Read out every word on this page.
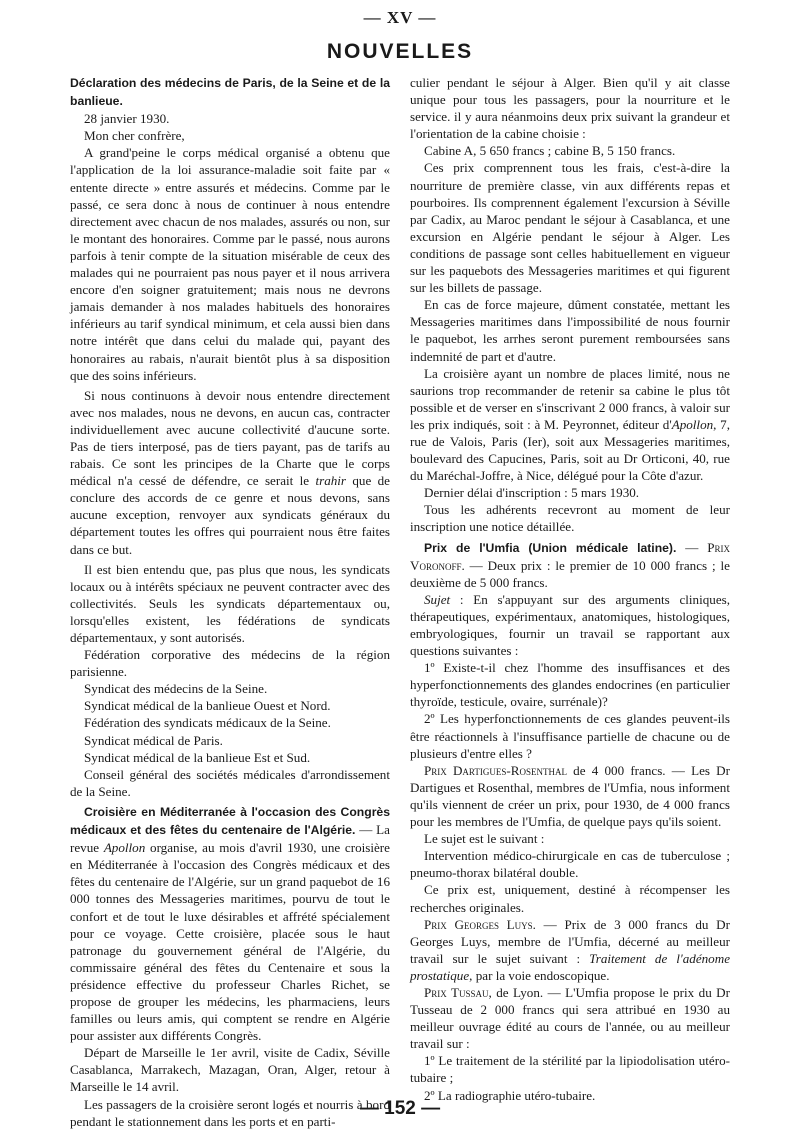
— XV —
NOUVELLES

Déclaration des médecins de Paris, de la Seine et de la banlieue.

28 janvier 1930.

Mon cher confrère,

A grand'peine le corps médical organisé a obtenu que l'application de la loi assurance-maladie soit faite par « entente directe » entre assurés et médecins. Comme par le passé, ce sera donc à nous de continuer à nous entendre directement avec chacun de nos malades, assurés ou non, sur le montant des honoraires. Comme par le passé, nous aurons parfois à tenir compte de la situation misérable de ceux des malades qui ne pourraient pas nous payer et il nous arrivera encore d'en soigner gratuitement; mais nous ne devrons jamais demander à nos malades habituels des honoraires inférieurs au tarif syndical minimum, et cela aussi bien dans notre intérêt que dans celui du malade qui, payant des honoraires au rabais, n'aurait bientôt plus à sa disposition que des soins inférieurs.

Si nous continuons à devoir nous entendre directement avec nos malades, nous ne devons, en aucun cas, contracter individuellement avec aucune collectivité d'aucune sorte. Pas de tiers interposé, pas de tiers payant, pas de tarifs au rabais. Ce sont les principes de la Charte que le corps médical n'a cessé de défendre, ce serait le trahir que de conclure des accords de ce genre et nous devons, sans aucune exception, renvoyer aux syndicats généraux du département toutes les offres qui pourraient nous être faites dans ce but.

Il est bien entendu que, pas plus que nous, les syndicats locaux ou à intérêts spéciaux ne peuvent contracter avec des collectivités. Seuls les syndicats départementaux ou, lorsqu'elles existent, les fédérations de syndicats départementaux, y sont autorisés.

Fédération corporative des médecins de la région parisienne.

Syndicat des médecins de la Seine.

Syndicat médical de la banlieue Ouest et Nord.

Fédération des syndicats médicaux de la Seine.

Syndicat médical de Paris.

Syndicat médical de la banlieue Est et Sud.

Conseil général des sociétés médicales d'arrondissement de la Seine.

Croisière en Méditerranée à l'occasion des Congrès médicaux et des fêtes du centenaire de l'Algérie. — La revue Apollon organise, au mois d'avril 1930, une croisière en Méditerranée à l'occasion des Congrès médicaux et des fêtes du centenaire de l'Algérie, sur un grand paquebot de 16 000 tonnes des Messageries maritimes, pourvu de tout le confort et de tout le luxe désirables et affrété spécialement pour ce voyage. Cette croisière, placée sous le haut patronage du gouvernement général de l'Algérie, du commissaire général des fêtes du Centenaire et sous la présidence effective du professeur Charles Richet, se propose de grouper les médecins, les pharmaciens, leurs familles ou leurs amis, qui comptent se rendre en Algérie pour assister aux différents Congrès.

Départ de Marseille le 1er avril, visite de Cadix, Séville Casablanca, Marrakech, Mazagan, Oran, Alger, retour à Marseille le 14 avril.

Les passagers de la croisière seront logés et nourris à bord pendant le stationnement dans les ports et en parti-

culier pendant le séjour à Alger. Bien qu'il y ait classe unique pour tous les passagers, pour la nourriture et le service. il y aura néanmoins deux prix suivant la grandeur et l'orientation de la cabine choisie :

Cabine A, 5 650 francs ; cabine B, 5 150 francs.

Ces prix comprennent tous les frais, c'est-à-dire la nourriture de première classe, vin aux différents repas et pourboires. Ils comprennent également l'excursion à Séville par Cadix, au Maroc pendant le séjour à Casablanca, et une excursion en Algérie pendant le séjour à Alger. Les conditions de passage sont celles habituellement en vigueur sur les paquebots des Messageries maritimes et qui figurent sur les billets de passage.

En cas de force majeure, dûment constatée, mettant les Messageries maritimes dans l'impossibilité de nous fournir le paquebot, les arrhes seront purement remboursées sans indemnité de part et d'autre.

La croisière ayant un nombre de places limité, nous ne saurions trop recommander de retenir sa cabine le plus tôt possible et de verser en s'inscrivant 2 000 francs, à valoir sur les prix indiqués, soit : à M. Peyronnet, éditeur d'Apollon, 7, rue de Valois, Paris (Ier), soit aux Messageries maritimes, boulevard des Capucines, Paris, soit au Dr Orticoni, 40, rue du Maréchal-Joffre, à Nice, délégué pour la Côte d'azur.

Dernier délai d'inscription : 5 mars 1930.

Tous les adhérents recevront au moment de leur inscription une notice détaillée.

Prix de l'Umfia (Union médicale latine). — Prix Voronoff. — Deux prix : le premier de 10 000 francs ; le deuxième de 5 000 francs.

Sujet : En s'appuyant sur des arguments cliniques, thérapeutiques, expérimentaux, anatomiques, histologiques, embryologiques, fournir un travail se rapportant aux questions suivantes :

1º Existe-t-il chez l'homme des insuffisances et des hyperfonctionnements des glandes endocrines (en particulier thyroïde, testicule, ovaire, surrénale)?

2º Les hyperfonctionnements de ces glandes peuvent-ils être réactionnels à l'insuffisance partielle de chacune ou de plusieurs d'entre elles ?

Prix Dartigues-Rosenthal de 4 000 francs. — Les Dr Dartigues et Rosenthal, membres de l'Umfia, nous informent qu'ils viennent de créer un prix, pour 1930, de 4 000 francs pour les membres de l'Umfia, de quelque pays qu'ils soient.

Le sujet est le suivant :

Intervention médico-chirurgicale en cas de tuberculose ; pneumo-thorax bilatéral double.

Ce prix est, uniquement, destiné à récompenser les recherches originales.

Prix Georges Luys. — Prix de 3 000 francs du Dr Georges Luys, membre de l'Umfia, décerné au meilleur travail sur le sujet suivant : Traitement de l'adénome prostatique, par la voie endoscopique.

Prix Tussau, de Lyon. — L'Umfia propose le prix du Dr Tusseau de 2 000 francs qui sera attribué en 1930 au meilleur ouvrage édité au cours de l'année, ou au meilleur travail sur :

1º Le traitement de la stérilité par la lipiodolisation utéro-tubaire ;

2º La radiographie utéro-tubaire.

— 152 —
